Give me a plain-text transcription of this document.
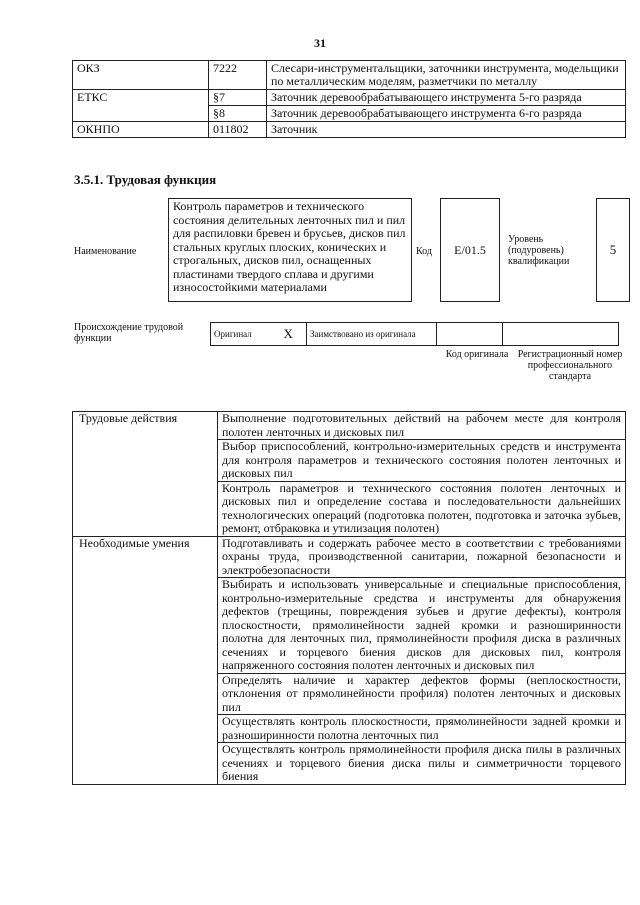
31
ОКЗ	7222	Слесари-инструментальщики, заточники инструмента, модельщики по металлическим моделям, разметчики по металлу
ЕТКС	§7	Заточник деревообрабатывающего инструмента 5-го разряда
	§8	Заточник деревообрабатывающего инструмента 6-го разряда
ОКНПО	011802	Заточник
3.5.1. Трудовая функция
Наименование
Контроль параметров и технического состояния делительных ленточных пил и пил для распиловки бревен и брусьев, дисков пил стальных круглых плоских, конических и строгальных, дисков пил, оснащенных пластинами твердого сплава и другими износостойкими материалами
Код E/01.5
Уровень (подуровень) квалификации
5
Происхождение трудовой функции	Оригинал	X	Заимствовано из оригинала		
Код оригинала Регистрационный номер профессионального стандарта
Трудовые действия	Выполнение подготовительных действий на рабочем месте для контроля полотен ленточных и дисковых пил
	Выбор приспособлений, контрольно-измерительных средств и инструмента для контроля параметров и технического состояния полотен ленточных и дисковых пил
	Контроль параметров и технического состояния полотен ленточных и дисковых пил и определение состава и последовательности дальнейших технологических операций (подготовка полотен, подготовка и заточка зубьев, ремонт, отбраковка и утилизация полотен)
Необходимые умения	Подготавливать и содержать рабочее место в соответствии с требованиями охраны труда, производственной санитарии, пожарной безопасности и электробезопасности
	Выбирать и использовать универсальные и специальные приспособления, контрольно-измерительные средства и инструменты для обнаружения дефектов (трещины, повреждения зубьев и другие дефекты), контроля плоскостности, прямолинейности задней кромки и разноширинности полотна для ленточных пил, прямолинейности профиля диска в различных сечениях и торцевого биения дисков для дисковых пил, контроля напряженного состояния полотен ленточных и дисковых пил
	Определять наличие и характер дефектов формы (неплоскостности, отклонения от прямолинейности профиля) полотен ленточных и дисковых пил
	Осуществлять контроль плоскостности, прямолинейности задней кромки и разноширинности полотна ленточных пил
	Осуществлять контроль прямолинейности профиля диска пилы в различных сечениях и торцевого биения диска пилы и симметричности торцевого биения
